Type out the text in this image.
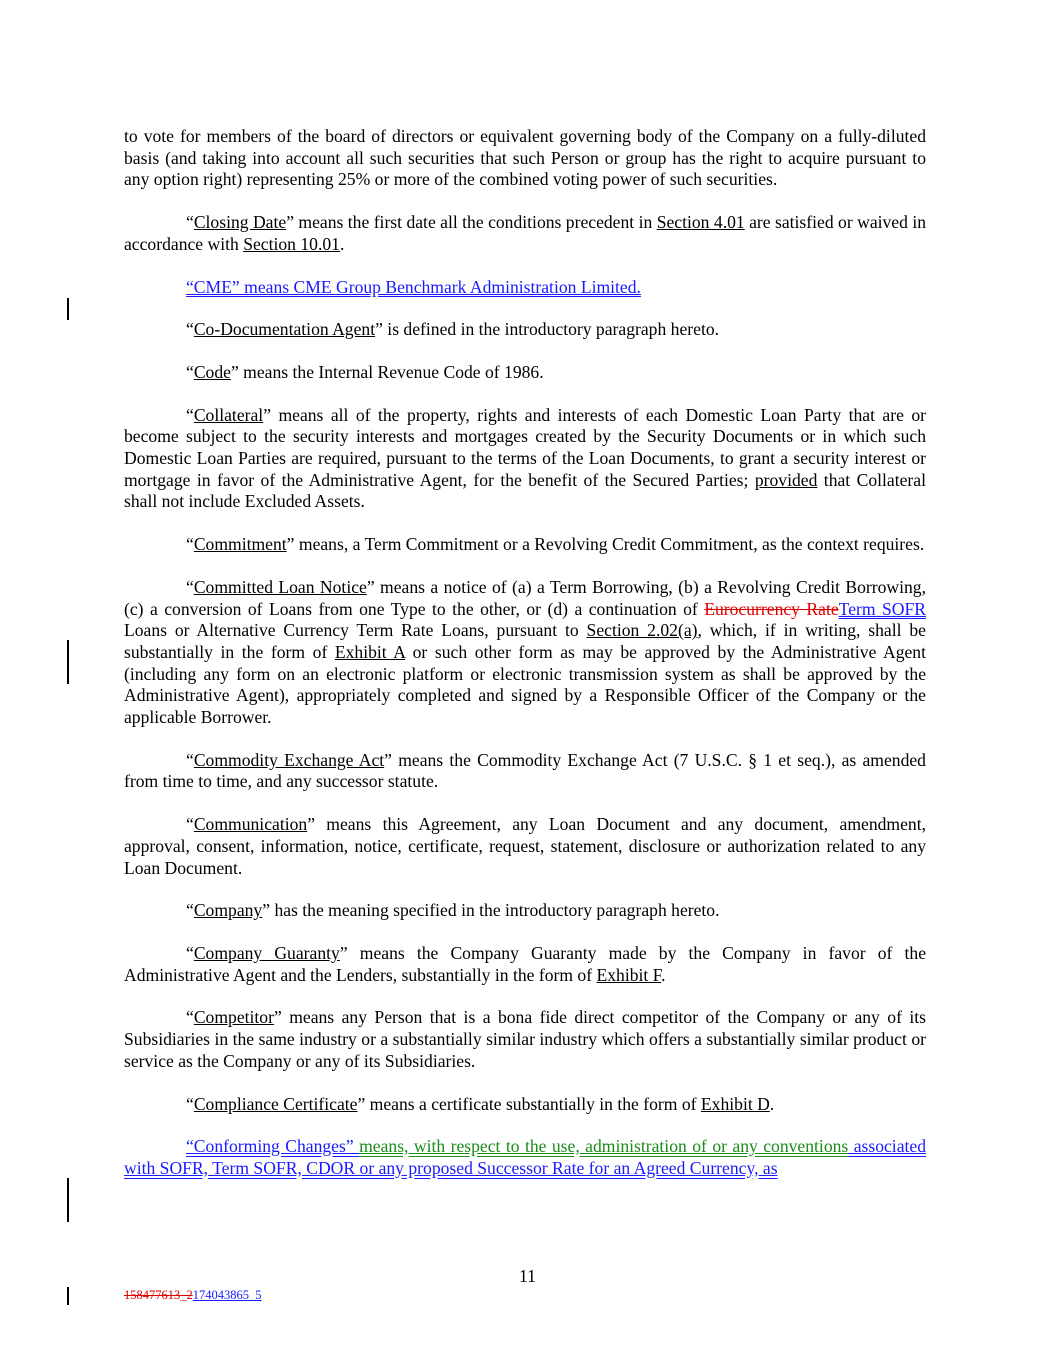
to vote for members of the board of directors or equivalent governing body of the Company on a fully-diluted basis (and taking into account all such securities that such Person or group has the right to acquire pursuant to any option right) representing 25% or more of the combined voting power of such securities.

“Closing Date” means the first date all the conditions precedent in Section 4.01 are satisfied or waived in accordance with Section 10.01.

“CME” means CME Group Benchmark Administration Limited.

“Co-Documentation Agent” is defined in the introductory paragraph hereto.

“Code” means the Internal Revenue Code of 1986.

“Collateral” means all of the property, rights and interests of each Domestic Loan Party that are or become subject to the security interests and mortgages created by the Security Documents or in which such Domestic Loan Parties are required, pursuant to the terms of the Loan Documents, to grant a security interest or mortgage in favor of the Administrative Agent, for the benefit of the Secured Parties; provided that Collateral shall not include Excluded Assets.

“Commitment” means, a Term Commitment or a Revolving Credit Commitment, as the context requires.

“Committed Loan Notice” means a notice of (a) a Term Borrowing, (b) a Revolving Credit Borrowing, (c) a conversion of Loans from one Type to the other, or (d) a continuation of Eurocurrency RateTerm SOFR Loans or Alternative Currency Term Rate Loans, pursuant to Section 2.02(a), which, if in writing, shall be substantially in the form of Exhibit A or such other form as may be approved by the Administrative Agent (including any form on an electronic platform or electronic transmission system as shall be approved by the Administrative Agent), appropriately completed and signed by a Responsible Officer of the Company or the applicable Borrower.

“Commodity Exchange Act” means the Commodity Exchange Act (7 U.S.C. § 1 et seq.), as amended from time to time, and any successor statute.

“Communication” means this Agreement, any Loan Document and any document, amendment, approval, consent, information, notice, certificate, request, statement, disclosure or authorization related to any Loan Document.

“Company” has the meaning specified in the introductory paragraph hereto.

“Company Guaranty” means the Company Guaranty made by the Company in favor of the Administrative Agent and the Lenders, substantially in the form of Exhibit F.

“Competitor” means any Person that is a bona fide direct competitor of the Company or any of its Subsidiaries in the same industry or a substantially similar industry which offers a substantially similar product or service as the Company or any of its Subsidiaries.

“Compliance Certificate” means a certificate substantially in the form of Exhibit D.

“Conforming Changes” means, with respect to the use, administration of or any conventions associated with SOFR, Term SOFR, CDOR or any proposed Successor Rate for an Agreed Currency, as

11
158477613_2174043865_5
